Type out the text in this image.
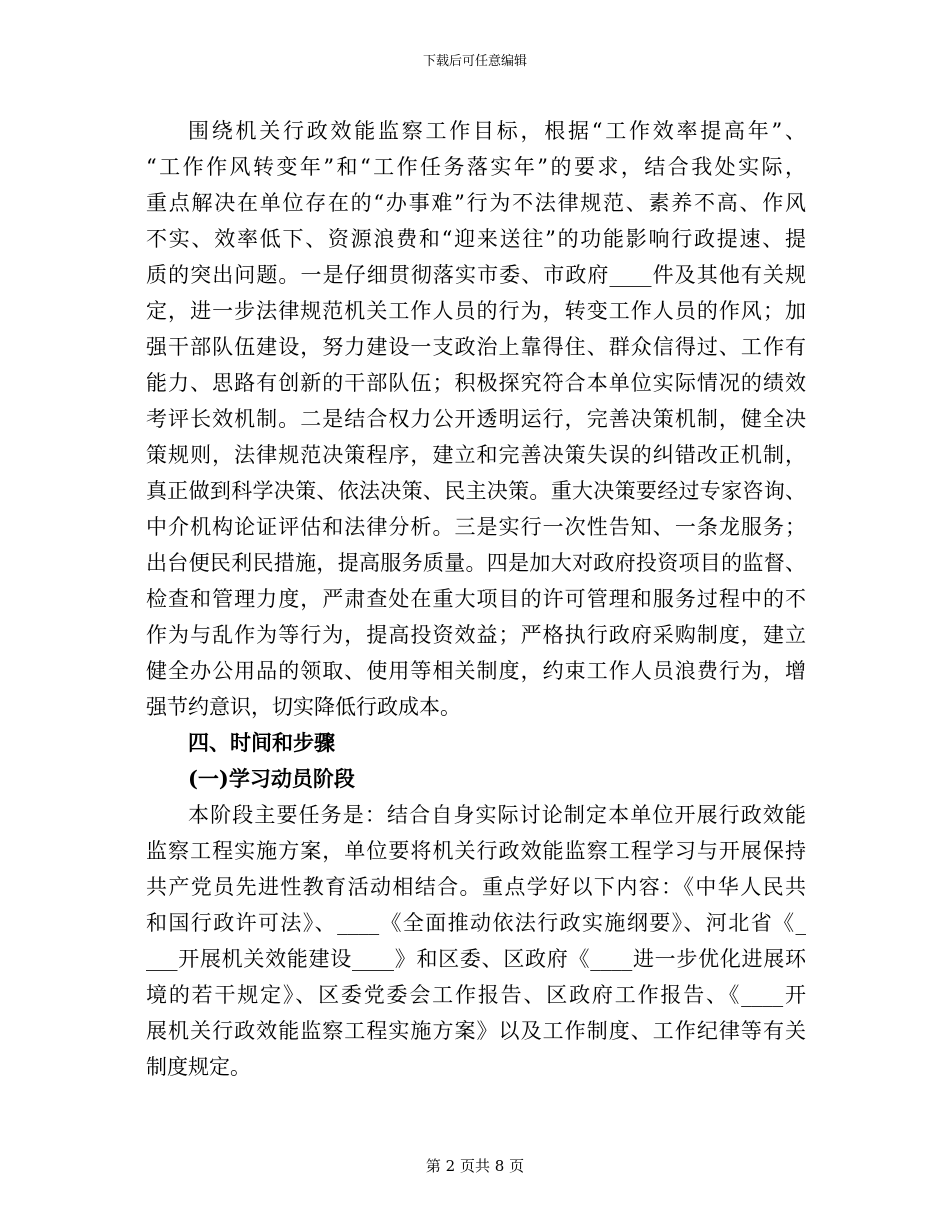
下载后可任意编辑
围绕机关行政效能监察工作目标，根据“工作效率提高年”、
“工作作风转变年”和“工作任务落实年”的要求，结合我处实际，
重点解决在单位存在的“办事难”行为不法律规范、素养不高、作风
不实、效率低下、资源浪费和“迎来送往”的功能影响行政提速、提
质的突出问题。一是仔细贯彻落实市委、市政府____件及其他有关规
定，进一步法律规范机关工作人员的行为，转变工作人员的作风；加
强干部队伍建设，努力建设一支政治上靠得住、群众信得过、工作有
能力、思路有创新的干部队伍；积极探究符合本单位实际情况的绩效
考评长效机制。二是结合权力公开透明运行，完善决策机制，健全决
策规则，法律规范决策程序，建立和完善决策失误的纠错改正机制，
真正做到科学决策、依法决策、民主决策。重大决策要经过专家咨询、
中介机构论证评估和法律分析。三是实行一次性告知、一条龙服务；
出台便民利民措施，提高服务质量。四是加大对政府投资项目的监督、
检查和管理力度，严肃查处在重大项目的许可管理和服务过程中的不
作为与乱作为等行为，提高投资效益；严格执行政府采购制度，建立
健全办公用品的领取、使用等相关制度，约束工作人员浪费行为，增
强节约意识，切实降低行政成本。
四、时间和步骤
(一)学习动员阶段
本阶段主要任务是：结合自身实际讨论制定本单位开展行政效能
监察工程实施方案，单位要将机关行政效能监察工程学习与开展保持
共产党员先进性教育活动相结合。重点学好以下内容：《中华人民共
和国行政许可法》、____《全面推动依法行政实施纲要》、河北省《_
___开展机关效能建设____》和区委、区政府《____进一步优化进展环
境的若干规定》、区委党委会工作报告、区政府工作报告、《____开
展机关行政效能监察工程实施方案》以及工作制度、工作纪律等有关
制度规定。
第 2 页共 8 页
